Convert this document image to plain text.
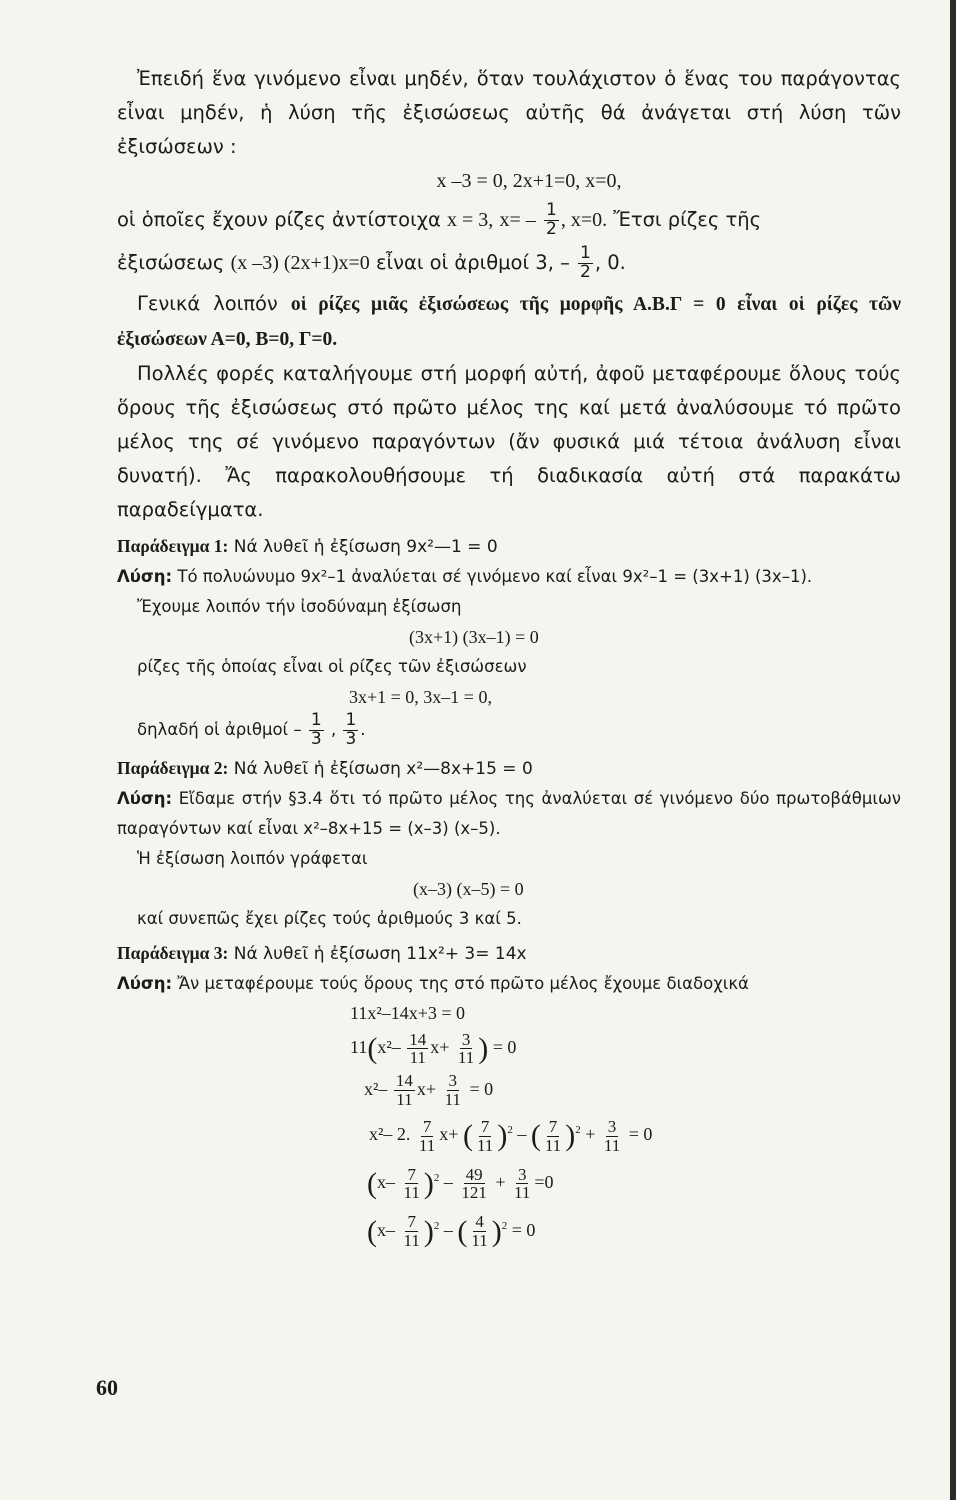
Ἐπειδή ἕνα γινόμενο εἶναι μηδέν, ὅταν τουλάχιστον ὁ ἕνας του παράγοντας εἶναι μηδέν, ἡ λύση τῆς ἐξισώσεως αὐτῆς θά ἀνάγεται στή λύση τῶν ἐξισώσεων :

x –3 = 0, 2x+1=0, x=0,
οἱ ὁποῖες ἔχουν ρίζες ἀντίστοιχα x = 3, $x= - \frac{1}{2}$ , x=0. Ἔτσι ρίζες τῆς
ἐξισώσεως (x –3) (2x+1)x=0 εἶναι οἱ ἀριθμοί 3, – $\frac{1}{2}$ , 0.

Γενικά λοιπόν οἱ ρίζες μιᾶς ἐξισώσεως τῆς μορφῆς Α.Β.Γ = 0 εἶναι οἱ ρίζες τῶν ἐξισώσεων Α=0, Β=0, Γ=0.

Πολλές φορές καταλήγουμε στή μορφή αὐτή, ἀφοῦ μεταφέρουμε ὅλους τούς ὅρους τῆς ἐξισώσεως στό πρῶτο μέλος της καί μετά ἀναλύσουμε τό πρῶτο μέλος της σέ γινόμενο παραγόντων (ἄν φυσικά μιά τέτοια ἀνάλυση εἶναι δυνατή). Ἄς παρακολουθήσουμε τή διαδικασία αὐτή στά παρακάτω παραδείγματα.

Παράδειγμα 1: Νά λυθεῖ ἡ ἐξίσωση 9x²—1 = 0
Λύση: Τό πολυώνυμο 9x²–1 ἀναλύεται σέ γινόμενο καί εἶναι 9x²–1 = (3x+1) (3x–1).
Ἔχουμε λοιπόν τήν ἰσοδύναμη ἐξίσωση
(3x+1) (3x–1) = 0
ρίζες τῆς ὁποίας εἶναι οἱ ρίζες τῶν ἐξισώσεων
3x+1 = 0, 3x–1 = 0,
δηλαδή οἱ ἀριθμοί – $\frac{1}{3}$ , $\frac{1}{3}$ .
Παράδειγμα 2: Νά λυθεῖ ἡ ἐξίσωση x²—8x+15 = 0
Λύση: Εἴδαμε στήν §3.4 ὅτι τό πρῶτο μέλος της ἀναλύεται σέ γινόμενο δύο πρωτοβάθμιων παραγόντων καί εἶναι x²–8x+15 = (x–3) (x–5).
Ἡ ἐξίσωση λοιπόν γράφεται
(x–3) (x–5) = 0
καί συνεπῶς ἔχει ρίζες τούς ἀριθμούς 3 καί 5.
Παράδειγμα 3: Νά λυθεῖ ἡ ἐξίσωση 11x²+ 3= 14x
Λύση: Ἄν μεταφέρουμε τούς ὅρους της στό πρῶτο μέλος ἔχουμε διαδοχικά
11x²–14x+3 = 0
$11(x^2- \frac{14}{11} x+ \frac{3}{11}$ ) = 0
$x^2- \frac{14}{11} x+ \frac{3}{11} = 0$
x²– 2. $\frac{7}{11} x+$ ( $\frac{7}{11} )^2$ – ( $\frac{7}{11} )^2 + \frac{3}{11} = 0$
$(x- \frac{7}{11} )^2 - \frac{49}{121} + \frac{3}{11} =0$
$(x- \frac{7}{11} )^2$ – ( $\frac{4}{11} )^2 = 0$
60
